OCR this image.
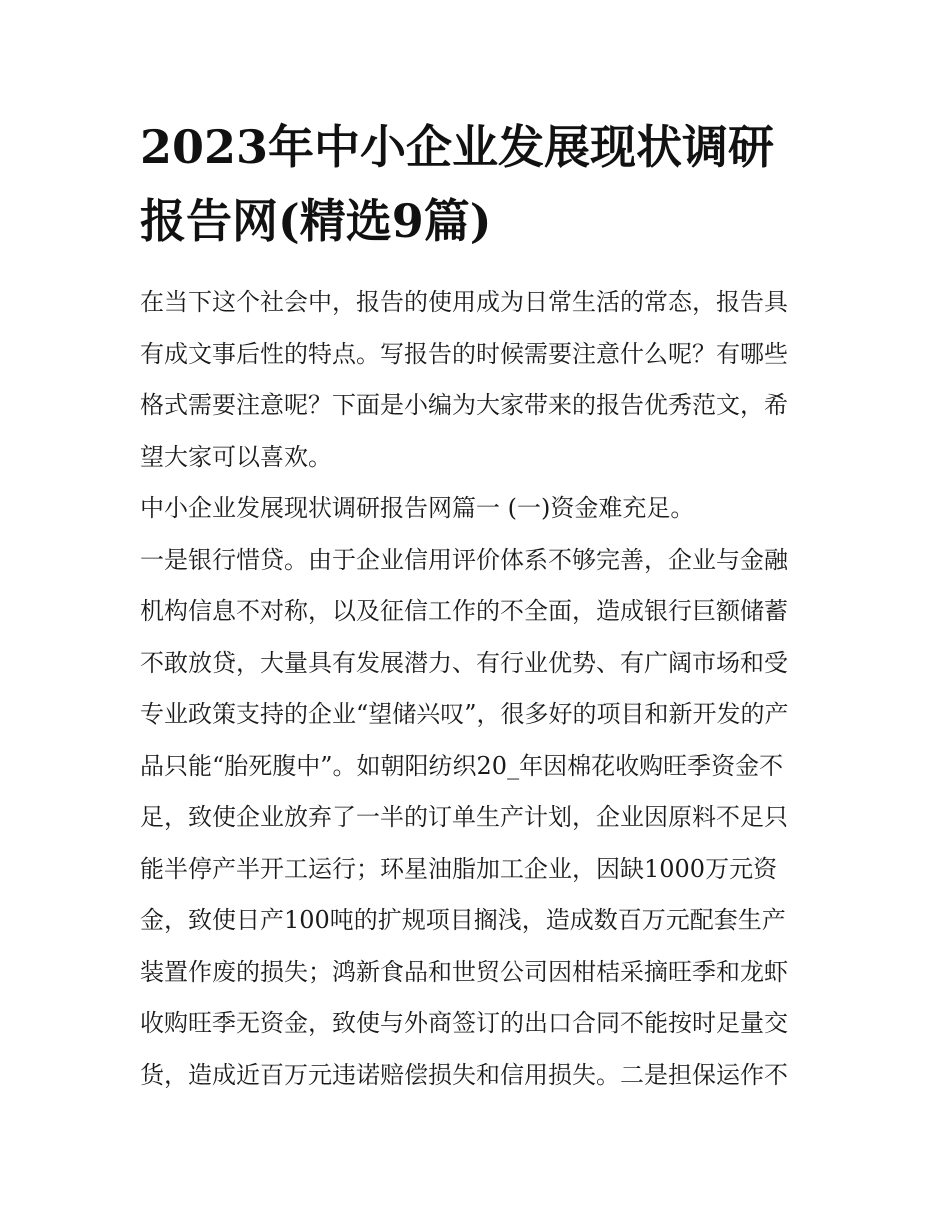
2023年中小企业发展现状调研
报告网(精选9篇)
在当下这个社会中，报告的使用成为日常生活的常态，报告具
有成文事后性的特点。写报告的时候需要注意什么呢？有哪些
格式需要注意呢？下面是小编为大家带来的报告优秀范文，希
望大家可以喜欢。
中小企业发展现状调研报告网篇一 (一)资金难充足。
一是银行惜贷。由于企业信用评价体系不够完善，企业与金融
机构信息不对称，以及征信工作的不全面，造成银行巨额储蓄
不敢放贷，大量具有发展潜力、有行业优势、有广阔市场和受
专业政策支持的企业“望储兴叹”，很多好的项目和新开发的产
品只能“胎死腹中”。如朝阳纺织20_年因棉花收购旺季资金不
足，致使企业放弃了一半的订单生产计划，企业因原料不足只
能半停产半开工运行；环星油脂加工企业，因缺1000万元资
金，致使日产100吨的扩规项目搁浅，造成数百万元配套生产
装置作废的损失；鸿新食品和世贸公司因柑桔采摘旺季和龙虾
收购旺季无资金，致使与外商签订的出口合同不能按时足量交
货，造成近百万元违诺赔偿损失和信用损失。二是担保运作不
